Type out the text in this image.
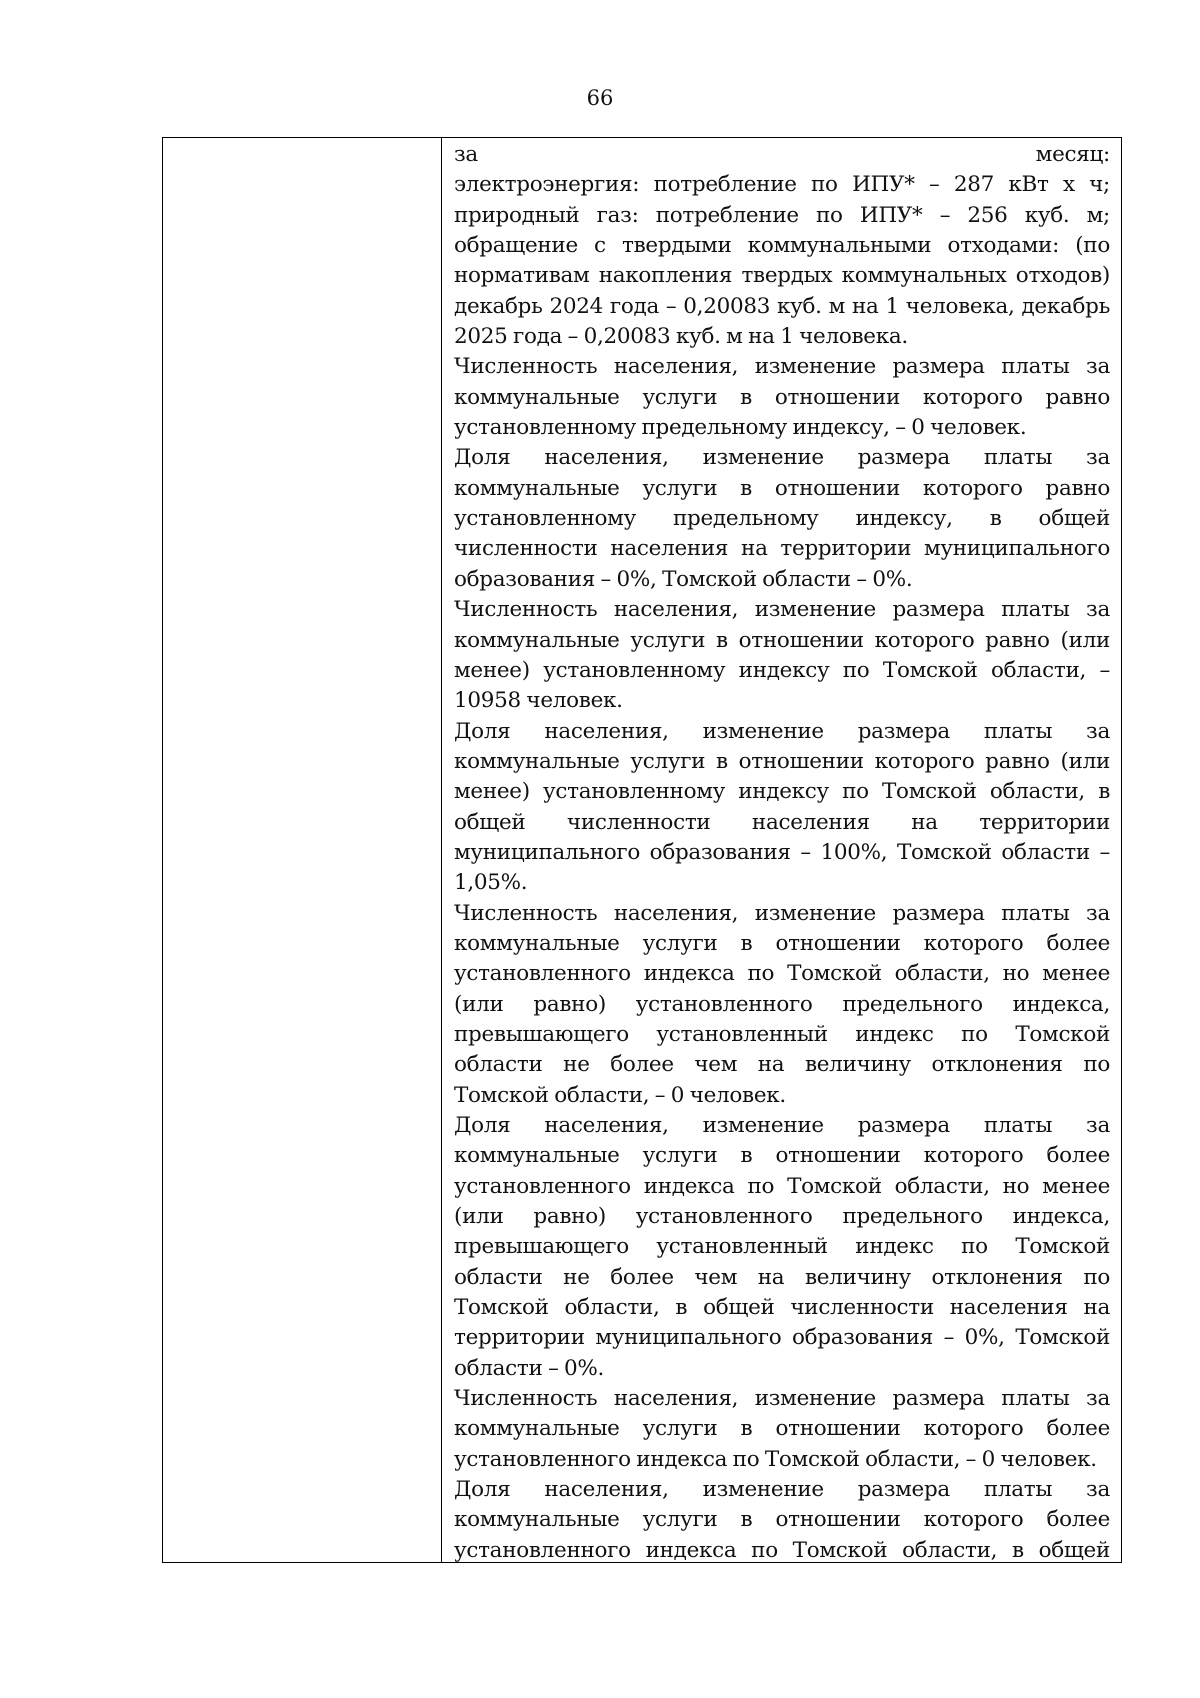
66
за месяц:
электроэнергия: потребление по ИПУ* – 287 кВт х ч;
природный газ: потребление по ИПУ* – 256 куб. м;
обращение с твердыми коммунальными отходами: (по
нормативам накопления твердых коммунальных отходов)
декабрь 2024 года – 0,20083 куб. м на 1 человека, декабрь
2025 года – 0,20083 куб. м на 1 человека.
Численность населения, изменение размера платы за
коммунальные услуги в отношении которого равно
установленному предельному индексу, – 0 человек.
Доля населения, изменение размера платы за
коммунальные услуги в отношении которого равно
установленному предельному индексу, в общей
численности населения на территории муниципального
образования – 0%, Томской области – 0%.
Численность населения, изменение размера платы за
коммунальные услуги в отношении которого равно (или
менее) установленному индексу по Томской области, –
10958 человек.
Доля населения, изменение размера платы за
коммунальные услуги в отношении которого равно (или
менее) установленному индексу по Томской области, в
общей численности населения на территории
муниципального образования – 100%, Томской области –
1,05%.
Численность населения, изменение размера платы за
коммунальные услуги в отношении которого более
установленного индекса по Томской области, но менее
(или равно) установленного предельного индекса,
превышающего установленный индекс по Томской
области не более чем на величину отклонения по
Томской области, – 0 человек.
Доля населения, изменение размера платы за
коммунальные услуги в отношении которого более
установленного индекса по Томской области, но менее
(или равно) установленного предельного индекса,
превышающего установленный индекс по Томской
области не более чем на величину отклонения по
Томской области, в общей численности населения на
территории муниципального образования – 0%, Томской
области – 0%.
Численность населения, изменение размера платы за
коммунальные услуги в отношении которого более
установленного индекса по Томской области, – 0 человек.
Доля населения, изменение размера платы за
коммунальные услуги в отношении которого более
установленного индекса по Томской области, в общей
